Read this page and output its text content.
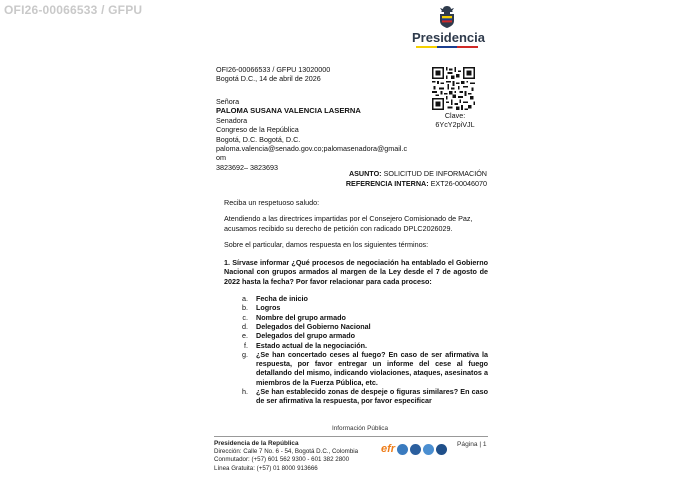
OFI26-00066533 / GFPU
Presidencia
OFI26-00066533 / GFPU 13020000
Bogotá D.C., 14 de abril de 2026
Clave:
6YcY2piVJL
Señora
PALOMA SUSANA VALENCIA LASERNA
Senadora
Congreso de la República
Bogotá, D.C. Bogotá, D.C.
paloma.valencia@senado.gov.co;palomasenadora@gmail.c
om
3823692– 3823693
ASUNTO: SOLICITUD DE INFORMACIÓN
REFERENCIA INTERNA: EXT26-00046070

Reciba un respetuoso saludo:

Atendiendo a las directrices impartidas por el Consejero Comisionado de Paz, acusamos recibido su derecho de petición con radicado DPLC2026029.

Sobre el particular, damos respuesta en los siguientes términos:

1. Sírvase informar ¿Qué procesos de negociación ha entablado el Gobierno Nacional con grupos armados al margen de la Ley desde el 7 de agosto de 2022 hasta la fecha? Por favor relacionar para cada proceso:

a.	Fecha de inicio
b.	Logros
c.	Nombre del grupo armado
d.	Delegados del Gobierno Nacional
e.	Delegados del grupo armado
f.	Estado actual de la negociación.
g.	¿Se han concertado ceses al fuego? En caso de ser afirmativa la respuesta, por favor entregar un informe del cese al fuego detallando del mismo, indicando violaciones, ataques, asesinatos a miembros de la Fuerza Pública, etc.
h.	¿Se han establecido zonas de despeje o figuras similares? En caso de ser afirmativa la respuesta, por favor especificar
Información Pública
Presidencia de la República
Dirección: Calle 7 No. 6 - 54, Bogotá D.C., Colombia
Conmutador: (+57) 601 562 9300 - 601 382 2800
Línea Gratuita: (+57) 01 8000 913666
efr	Página | 1
